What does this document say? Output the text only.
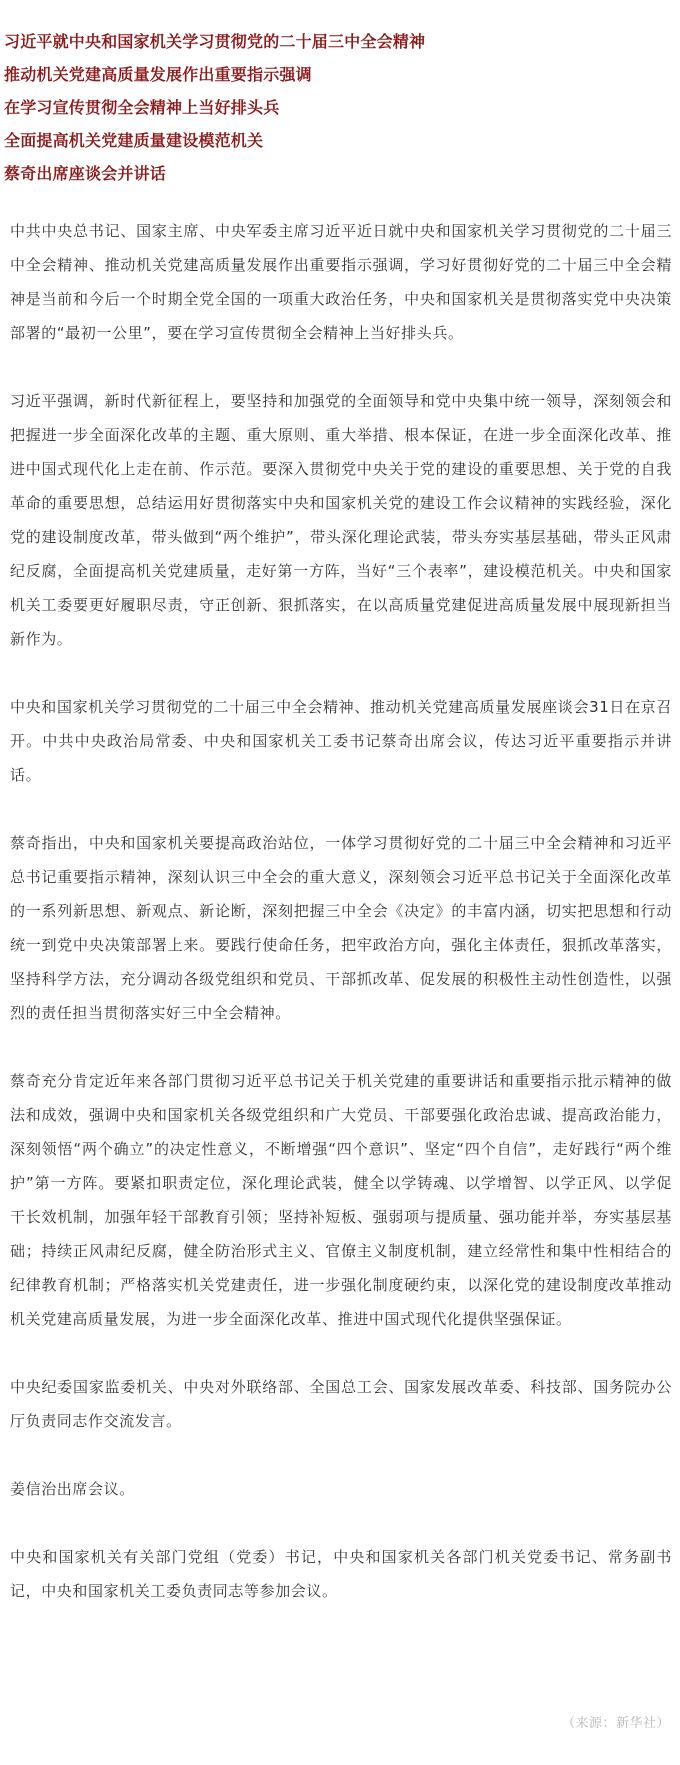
习近平就中央和国家机关学习贯彻党的二十届三中全会精神
推动机关党建高质量发展作出重要指示强调
在学习宣传贯彻全会精神上当好排头兵
全面提高机关党建质量建设模范机关
蔡奇出席座谈会并讲话

中共中央总书记、国家主席、中央军委主席习近平近日就中央和国家机关学习贯彻党的二十届三中全会精神、推动机关党建高质量发展作出重要指示强调，学习好贯彻好党的二十届三中全会精神是当前和今后一个时期全党全国的一项重大政治任务，中央和国家机关是贯彻落实党中央决策部署的“最初一公里”，要在学习宣传贯彻全会精神上当好排头兵。

习近平强调，新时代新征程上，要坚持和加强党的全面领导和党中央集中统一领导，深刻领会和把握进一步全面深化改革的主题、重大原则、重大举措、根本保证，在进一步全面深化改革、推进中国式现代化上走在前、作示范。要深入贯彻党中央关于党的建设的重要思想、关于党的自我革命的重要思想，总结运用好贯彻落实中央和国家机关党的建设工作会议精神的实践经验，深化党的建设制度改革，带头做到“两个维护”，带头深化理论武装，带头夯实基层基础，带头正风肃纪反腐，全面提高机关党建质量，走好第一方阵，当好“三个表率”，建设模范机关。中央和国家机关工委要更好履职尽责，守正创新、狠抓落实，在以高质量党建促进高质量发展中展现新担当新作为。

中央和国家机关学习贯彻党的二十届三中全会精神、推动机关党建高质量发展座谈会31日在京召开。中共中央政治局常委、中央和国家机关工委书记蔡奇出席会议，传达习近平重要指示并讲话。

蔡奇指出，中央和国家机关要提高政治站位，一体学习贯彻好党的二十届三中全会精神和习近平总书记重要指示精神，深刻认识三中全会的重大意义，深刻领会习近平总书记关于全面深化改革的一系列新思想、新观点、新论断，深刻把握三中全会《决定》的丰富内涵，切实把思想和行动统一到党中央决策部署上来。要践行使命任务，把牢政治方向，强化主体责任，狠抓改革落实，坚持科学方法，充分调动各级党组织和党员、干部抓改革、促发展的积极性主动性创造性，以强烈的责任担当贯彻落实好三中全会精神。

蔡奇充分肯定近年来各部门贯彻习近平总书记关于机关党建的重要讲话和重要指示批示精神的做法和成效，强调中央和国家机关各级党组织和广大党员、干部要强化政治忠诚、提高政治能力，深刻领悟“两个确立”的决定性意义，不断增强“四个意识”、坚定“四个自信”，走好践行“两个维护”第一方阵。要紧扣职责定位，深化理论武装，健全以学铸魂、以学增智、以学正风、以学促干长效机制，加强年轻干部教育引领；坚持补短板、强弱项与提质量、强功能并举，夯实基层基础；持续正风肃纪反腐，健全防治形式主义、官僚主义制度机制，建立经常性和集中性相结合的纪律教育机制；严格落实机关党建责任，进一步强化制度硬约束，以深化党的建设制度改革推动机关党建高质量发展，为进一步全面深化改革、推进中国式现代化提供坚强保证。

中央纪委国家监委机关、中央对外联络部、全国总工会、国家发展改革委、科技部、国务院办公厅负责同志作交流发言。

姜信治出席会议。

中央和国家机关有关部门党组（党委）书记，中央和国家机关各部门机关党委书记、常务副书记，中央和国家机关工委负责同志等参加会议。

（来源：新华社）
